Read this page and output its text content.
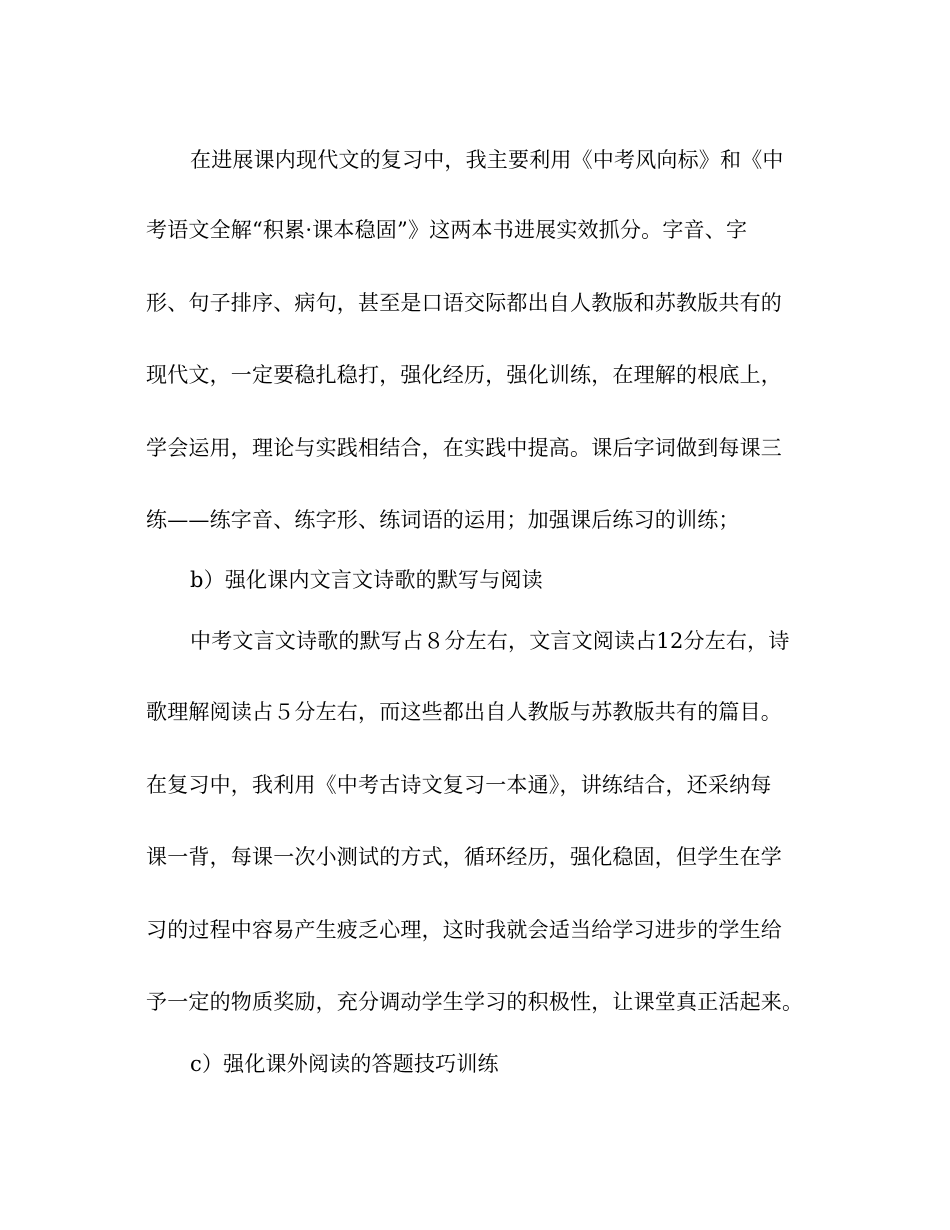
在进展课内现代文的复习中，我主要利用《中考风向标》和《中
考语文全解“积累·课本稳固”》这两本书进展实效抓分。字音、字
形、句子排序、病句，甚至是口语交际都出自人教版和苏教版共有的
现代文，一定要稳扎稳打，强化经历，强化训练，在理解的根底上，
学会运用，理论与实践相结合，在实践中提高。课后字词做到每课三
练——练字音、练字形、练词语的运用；加强课后练习的训练；
b）强化课内文言文诗歌的默写与阅读
中考文言文诗歌的默写占８分左右，文言文阅读占12分左右，诗
歌理解阅读占５分左右，而这些都出自人教版与苏教版共有的篇目。
在复习中，我利用《中考古诗文复习一本通》，讲练结合，还采纳每
课一背，每课一次小测试的方式，循环经历，强化稳固，但学生在学
习的过程中容易产生疲乏心理，这时我就会适当给学习进步的学生给
予一定的物质奖励，充分调动学生学习的积极性，让课堂真正活起来。
c）强化课外阅读的答题技巧训练
